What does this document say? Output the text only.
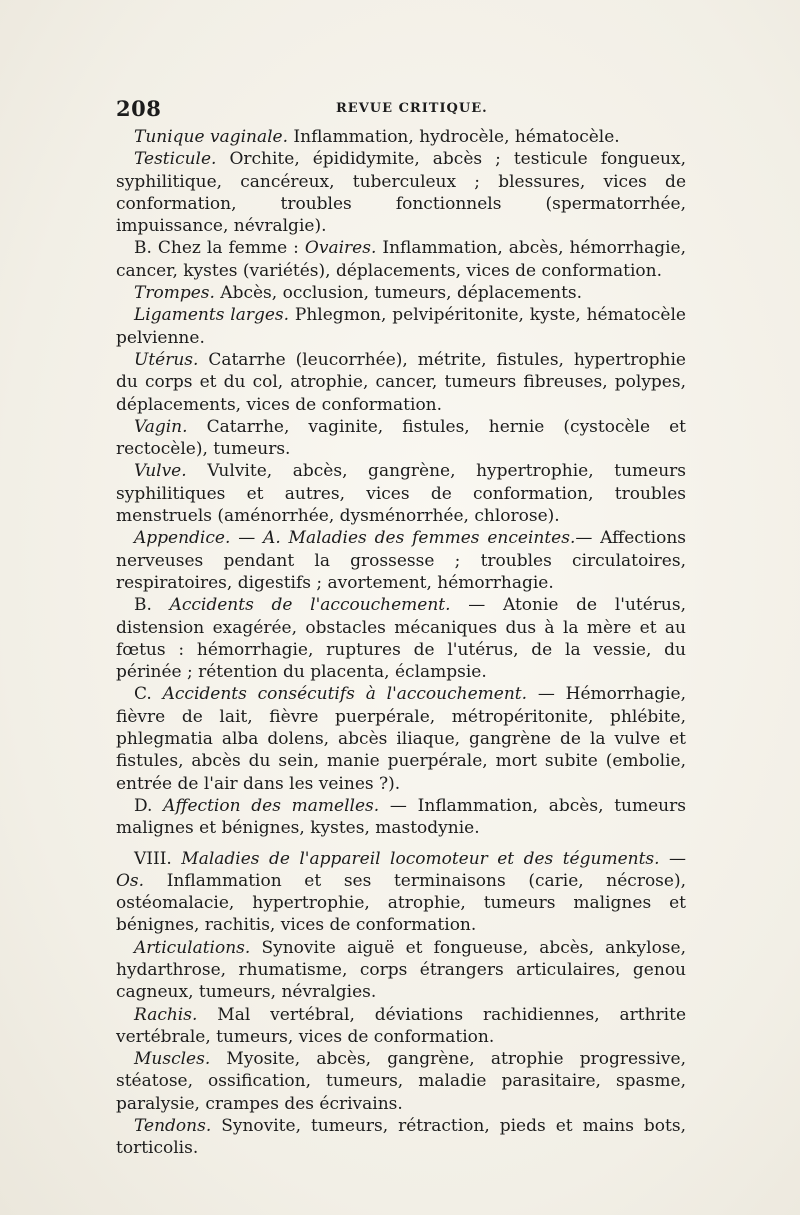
208	REVUE CRITIQUE.

Tunique vaginale. Inflammation, hydrocèle, hématocèle.

Testicule. Orchite, épididymite, abcès ; testicule fongueux, syphilitique, cancéreux, tuberculeux ; blessures, vices de conformation, troubles fonctionnels (spermatorrhée, impuissance, névralgie).

B. Chez la femme : Ovaires. Inflammation, abcès, hémorrhagie, cancer, kystes (variétés), déplacements, vices de conformation.

Trompes. Abcès, occlusion, tumeurs, déplacements.

Ligaments larges. Phlegmon, pelvipéritonite, kyste, hématocèle pelvienne.

Utérus. Catarrhe (leucorrhée), métrite, fistules, hypertrophie du corps et du col, atrophie, cancer, tumeurs fibreuses, polypes, déplacements, vices de conformation.

Vagin. Catarrhe, vaginite, fistules, hernie (cystocèle et rectocèle), tumeurs.

Vulve. Vulvite, abcès, gangrène, hypertrophie, tumeurs syphilitiques et autres, vices de conformation, troubles menstruels (aménorrhée, dysménorrhée, chlorose).

Appendice. — A. Maladies des femmes enceintes.— Affections nerveuses pendant la grossesse ; troubles circulatoires, respiratoires, digestifs ; avortement, hémorrhagie.

B. Accidents de l'accouchement. — Atonie de l'utérus, distension exagérée, obstacles mécaniques dus à la mère et au fœtus : hémorrhagie, ruptures de l'utérus, de la vessie, du périnée ; rétention du placenta, éclampsie.

C. Accidents consécutifs à l'accouchement. — Hémorrhagie, fièvre de lait, fièvre puerpérale, métropéritonite, phlébite, phlegmatia alba dolens, abcès iliaque, gangrène de la vulve et fistules, abcès du sein, manie puerpérale, mort subite (embolie, entrée de l'air dans les veines ?).

D. Affection des mamelles. — Inflammation, abcès, tumeurs malignes et bénignes, kystes, mastodynie.

VIII. Maladies de l'appareil locomoteur et des téguments. — Os. Inflammation et ses terminaisons (carie, nécrose), ostéomalacie, hypertrophie, atrophie, tumeurs malignes et bénignes, rachitis, vices de conformation.

Articulations. Synovite aiguë et fongueuse, abcès, ankylose, hydarthrose, rhumatisme, corps étrangers articulaires, genou cagneux, tumeurs, névralgies.

Rachis. Mal vertébral, déviations rachidiennes, arthrite vertébrale, tumeurs, vices de conformation.

Muscles. Myosite, abcès, gangrène, atrophie progressive, stéatose, ossification, tumeurs, maladie parasitaire, spasme, paralysie, crampes des écrivains.

Tendons. Synovite, tumeurs, rétraction, pieds et mains bots, torticolis.
